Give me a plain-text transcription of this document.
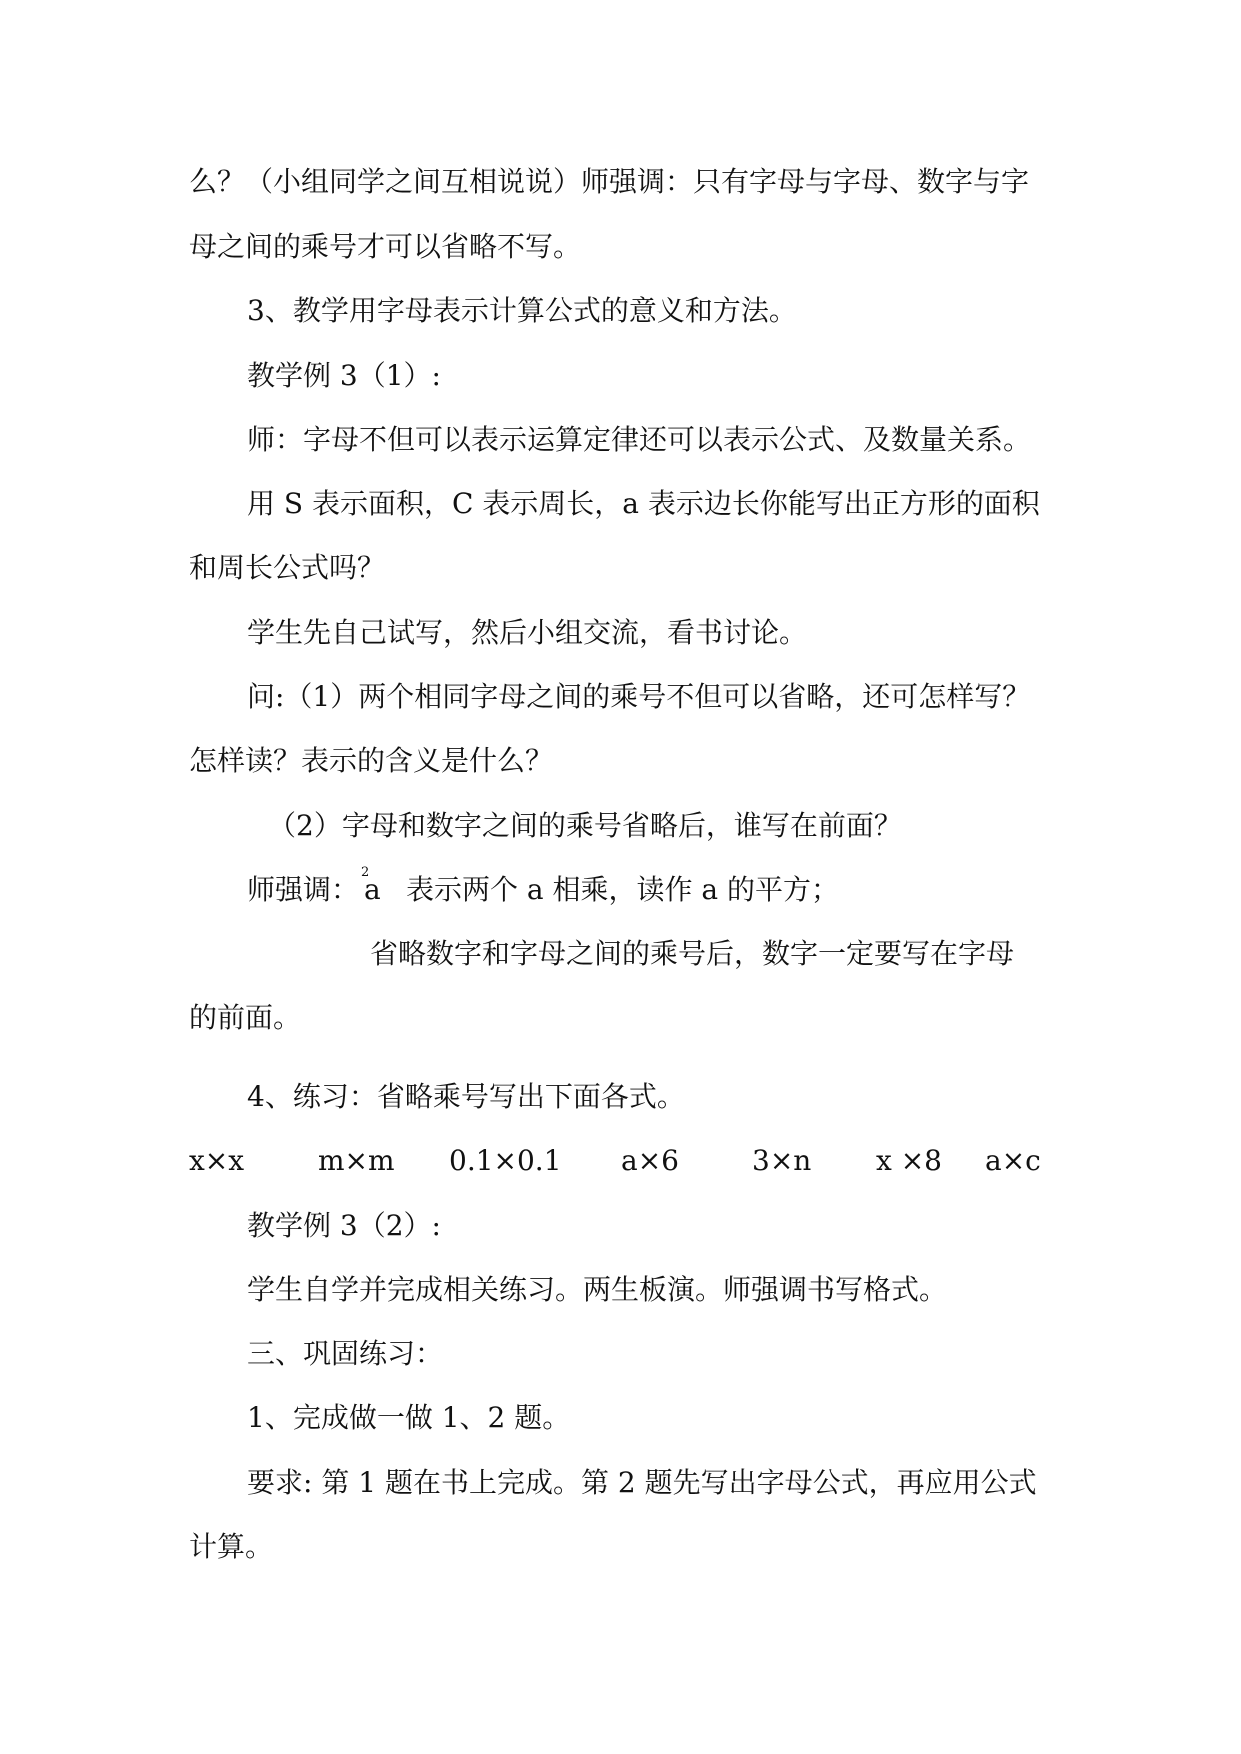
么？（小组同学之间互相说说）师强调：只有字母与字母、数字与字
母之间的乘号才可以省略不写。
3、教学用字母表示计算公式的意义和方法。
教学例 3（1）:
师：字母不但可以表示运算定律还可以表示公式、及数量关系。
用 S 表示面积，C 表示周长，a 表示边长你能写出正方形的面积
和周长公式吗？
学生先自己试写，然后小组交流，看书讨论。
问:（1）两个相同字母之间的乘号不但可以省略，还可怎样写？
怎样读？表示的含义是什么？
（2）字母和数字之间的乘号省略后，谁写在前面？
师强调：
2
a 表示两个 a 相乘，读作 a 的平方；
省略数字和字母之间的乘号后，数字一定要写在字母
的前面。
4、练习：省略乘号写出下面各式。
x×x	m×m 0.1×0.1 a×6	3×n x ×8 a×c
教学例 3（2）:
学生自学并完成相关练习。两生板演。师强调书写格式。
三、巩固练习：
1、完成做一做 1、2 题。
要求: 第 1 题在书上完成。第 2 题先写出字母公式，再应用公式
计算。
